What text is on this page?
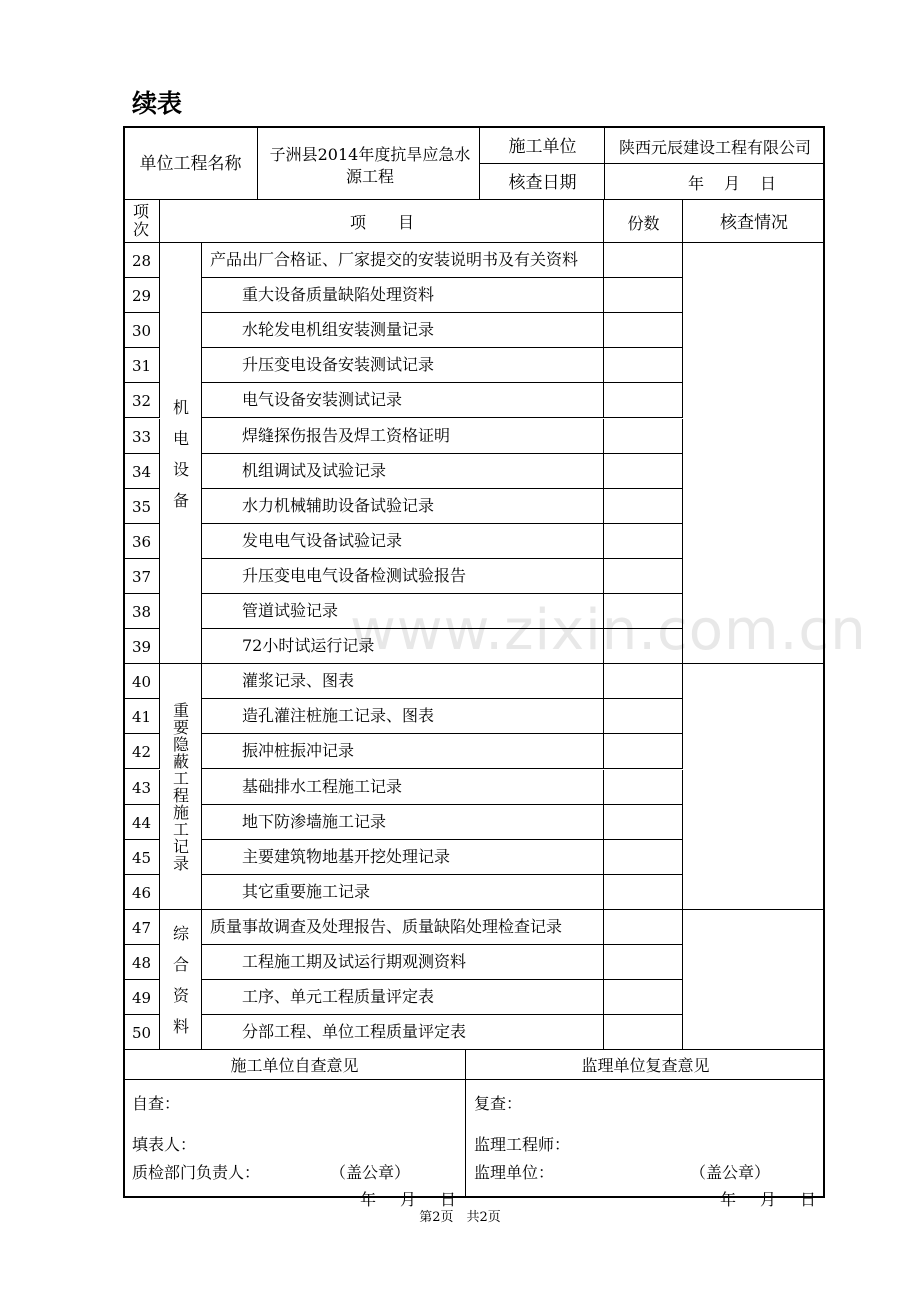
续表
www.zixin.com.cn
单位工程名称	子洲县2014年度抗旱应急水源工程
施工单位	陕西元辰建设工程有限公司
核查日期	年 月 日
项次	项　　目	份数	核查情况
28	产品出厂合格证、厂家提交的安装说明书及有关资料
29	重大设备质量缺陷处理资料
30	水轮发电机组安装测量记录
31	升压变电设备安装测试记录
32	电气设备安装测试记录
33	焊缝探伤报告及焊工资格证明
34	机组调试及试验记录
35	水力机械辅助设备试验记录
36	发电电气设备试验记录
37	升压变电电气设备检测试验报告
38	管道试验记录
39	72小时试运行记录
机电设备
40	灌浆记录、图表
41	造孔灌注桩施工记录、图表
42	振冲桩振冲记录
43	基础排水工程施工记录
44	地下防渗墙施工记录
45	主要建筑物地基开挖处理记录
46	其它重要施工记录
重要隐蔽工程施工记录
47	质量事故调查及处理报告、质量缺陷处理检查记录
48	工程施工期及试运行期观测资料
49	工序、单元工程质量评定表
50	分部工程、单位工程质量评定表
综合资料
施工单位自查意见	监理单位复查意见
自查：
填表人：
质检部门负责人：	（盖公章）
年 月 日
复查：
监理工程师：
监理单位：	（盖公章）
年 月 日
第2页　共2页
